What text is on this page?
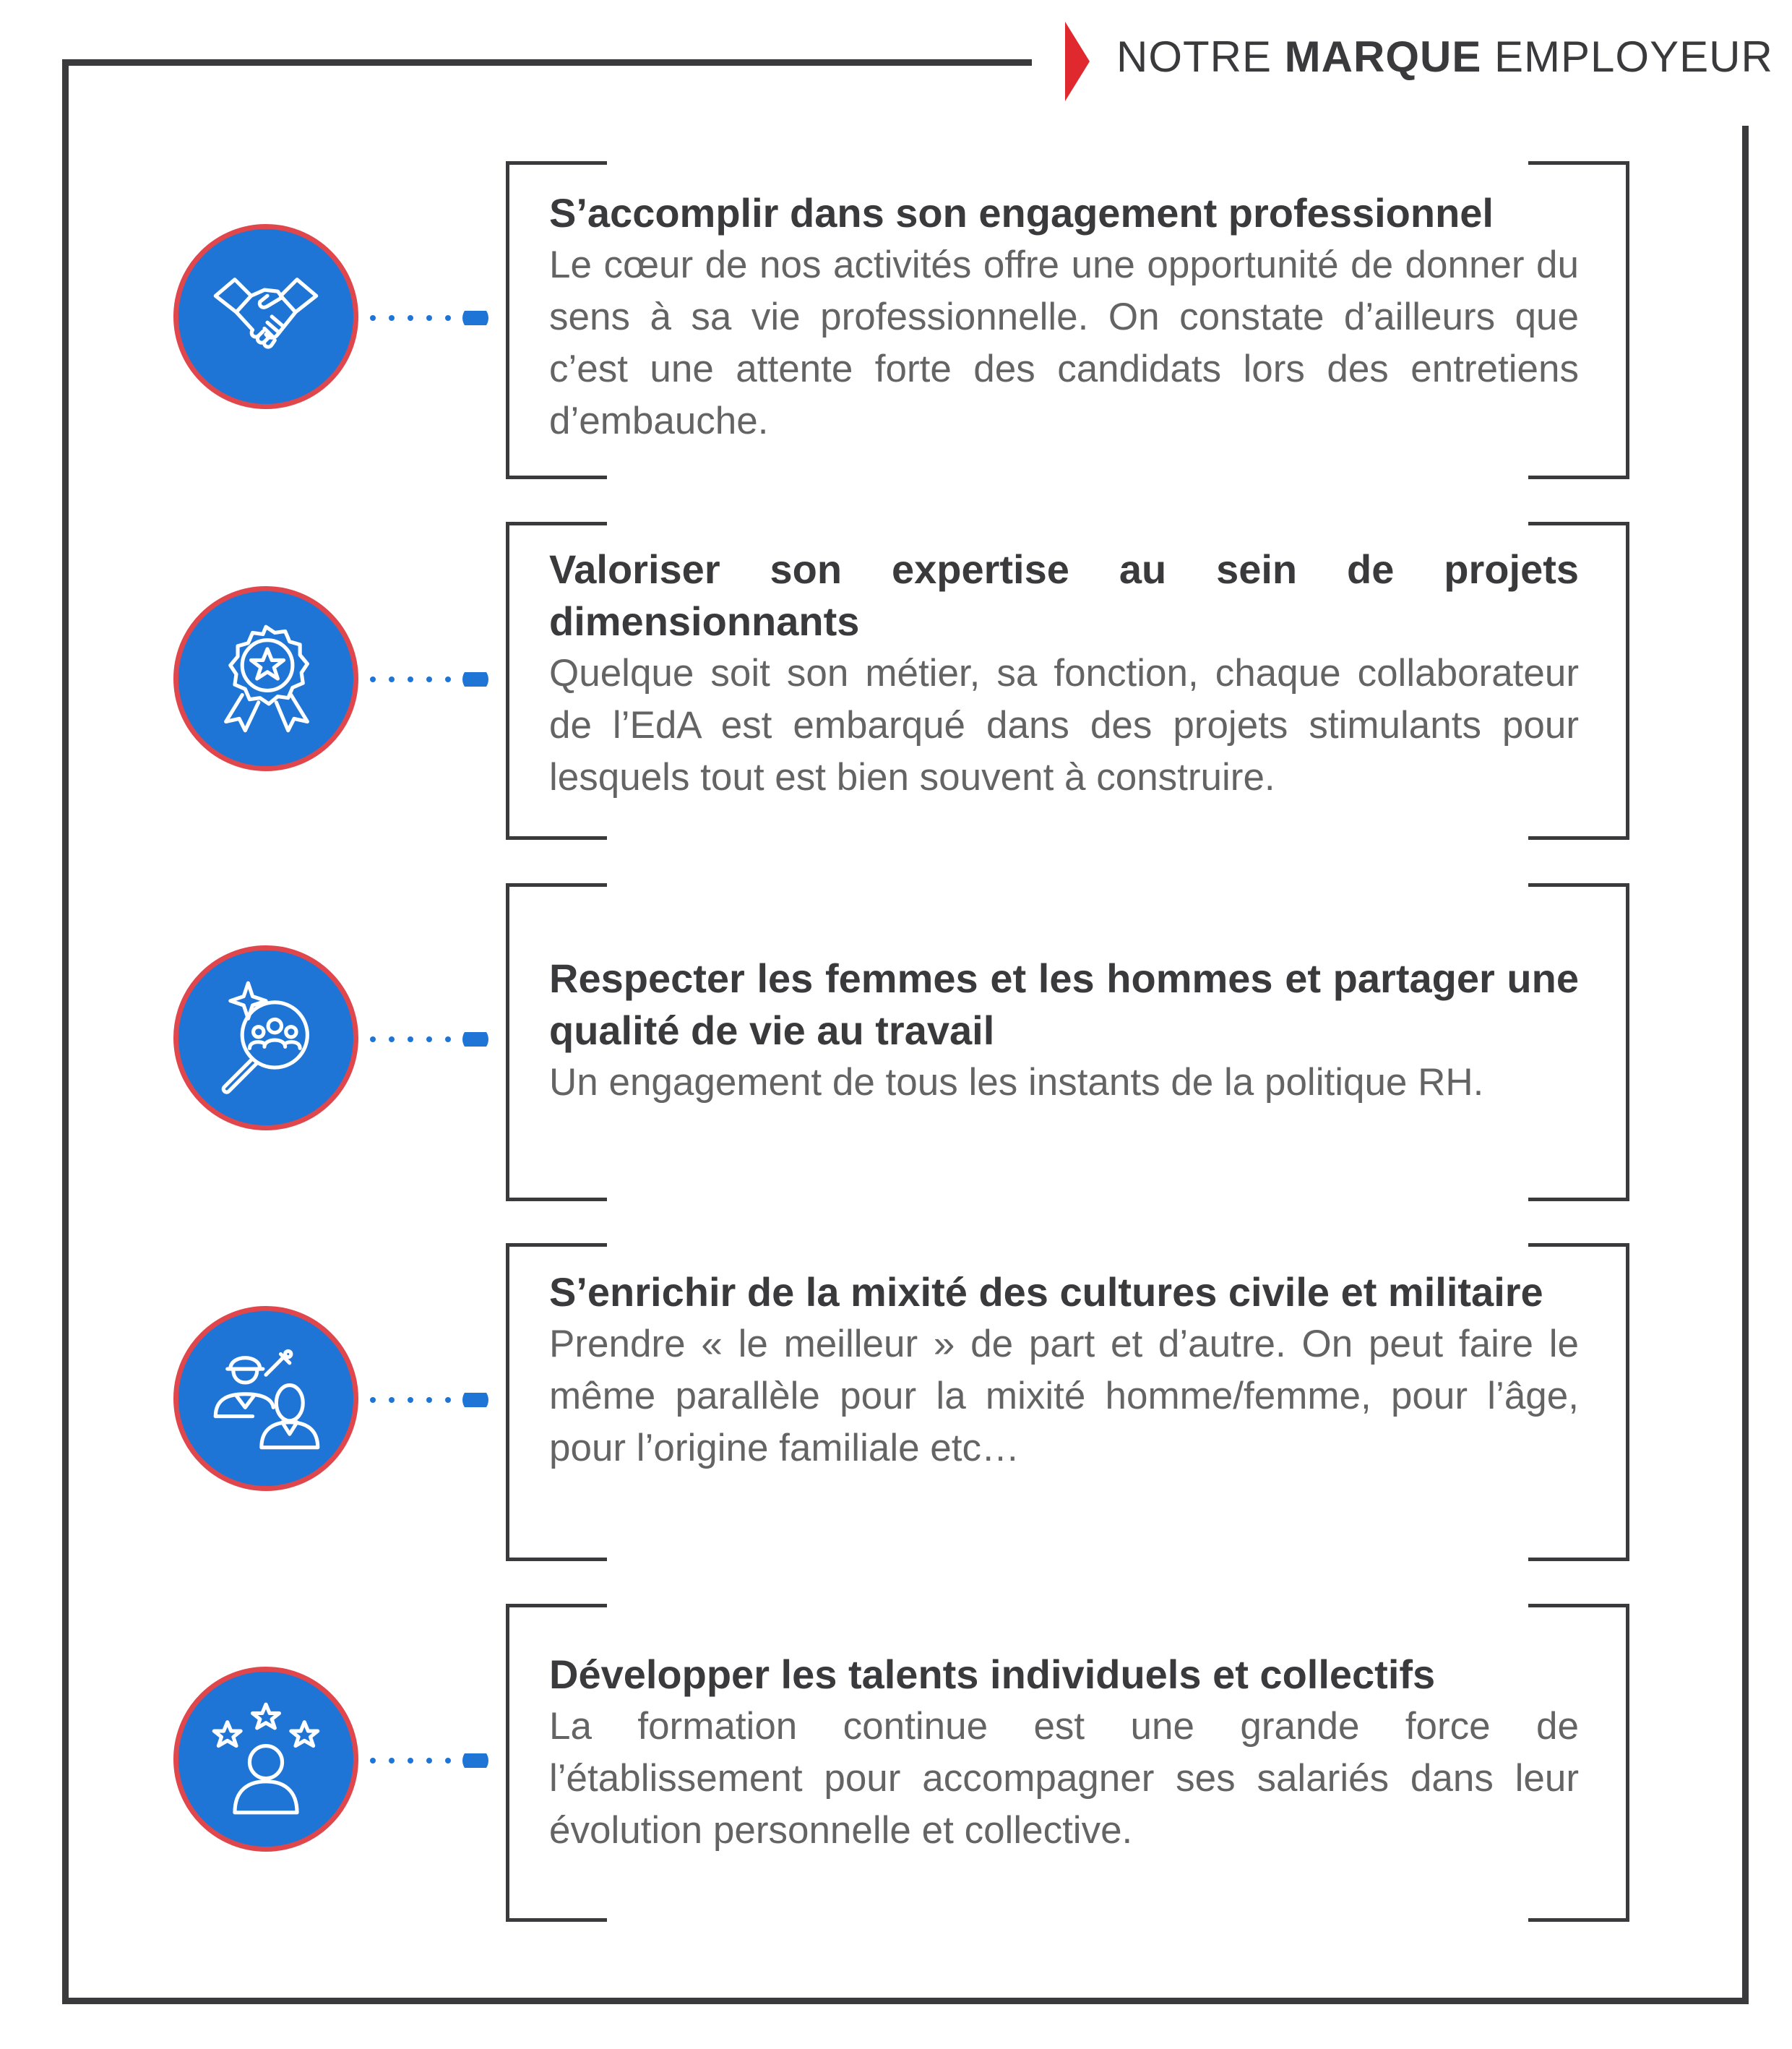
NOTRE MARQUE EMPLOYEUR
S’accomplir dans son engagement professionnel
Le cœur de nos activités offre une opportunité de donner du sens à sa vie professionnelle. On constate d’ailleurs que c’est une attente forte des candidats lors des entretiens d’embauche.
Valoriser son expertise au sein de projets dimensionnants
Quelque soit son métier, sa fonction, chaque collaborateur de l’EdA est embarqué dans des projets stimulants pour lesquels tout est bien souvent à construire.
Respecter les femmes et les hommes et partager une qualité de vie au travail
Un engagement de tous les instants de la politique RH.
S’enrichir de la mixité des cultures civile et militaire
Prendre « le meilleur » de part et d’autre. On peut faire le même parallèle pour la mixité homme/femme, pour l’âge, pour l’origine familiale etc…
Développer les talents individuels et collectifs
La formation continue est une grande force de l’établissement pour accompagner ses salariés dans leur évolution personnelle et collective.
